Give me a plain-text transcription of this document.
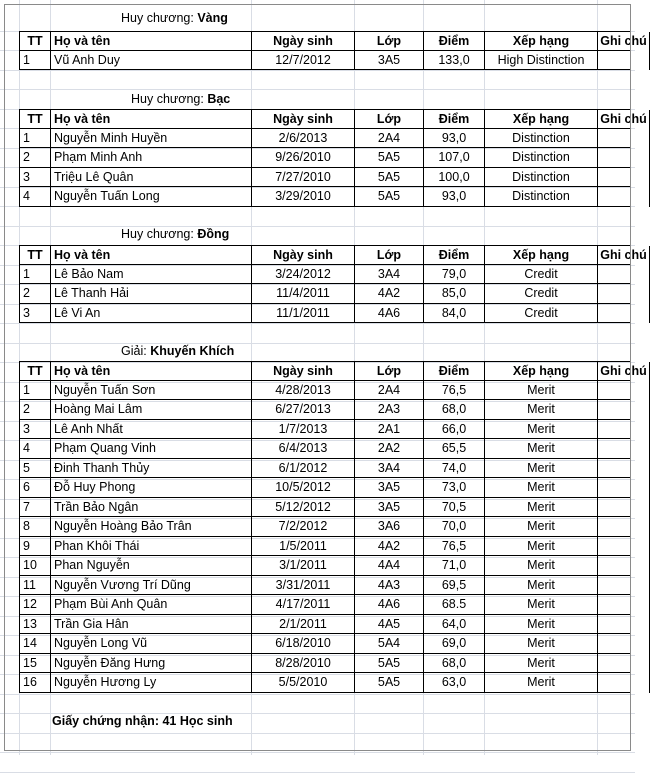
Huy chương: Vàng
TT Họ và tên	Ngày sinh	Lớp	Điểm	Xếp hạng	Ghi chú
1	Vũ Anh Duy	12/7/2012	3A5	133,0	High Distinction
Huy chương: Bạc
TT Họ và tên	Ngày sinh	Lớp	Điểm	Xếp hạng	Ghi chú
1	Nguyễn Minh Huyền	2/6/2013	2A4	93,0	Distinction
2	Phạm Minh Anh	9/26/2010	5A5	107,0	Distinction
3	Triệu Lê Quân	7/27/2010	5A5	100,0	Distinction
4	Nguyễn Tuấn Long	3/29/2010	5A5	93,0	Distinction
Huy chương: Đồng
TT Họ và tên	Ngày sinh	Lớp	Điểm	Xếp hạng	Ghi chú
1	Lê Bảo Nam	3/24/2012	3A4	79,0	Credit
2	Lê Thanh Hải	11/4/2011	4A2	85,0	Credit
3	Lê Vi An	11/1/2011	4A6	84,0	Credit
Giải: Khuyến Khích
TT Họ và tên	Ngày sinh	Lớp	Điểm	Xếp hạng	Ghi chú
1	Nguyễn Tuấn Sơn	4/28/2013	2A4	76,5	Merit
2	Hoàng Mai Lâm	6/27/2013	2A3	68,0	Merit
3	Lê Anh Nhất	1/7/2013	2A1	66,0	Merit
4	Phạm Quang Vinh	6/4/2013	2A2	65,5	Merit
5	Đinh Thanh Thủy	6/1/2012	3A4	74,0	Merit
6	Đỗ Huy Phong	10/5/2012	3A5	73,0	Merit
7	Trần Bảo Ngân	5/12/2012	3A5	70,5	Merit
8	Nguyễn Hoàng Bảo Trân	7/2/2012	3A6	70,0	Merit
9	Phan Khôi Thái	1/5/2011	4A2	76,5	Merit
10	Phan Nguyễn	3/1/2011	4A4	71,0	Merit
11	Nguyễn Vương Trí Dũng	3/31/2011	4A3	69,5	Merit
12	Phạm Bùi Anh Quân	4/17/2011	4A6	68.5	Merit
13	Trần Gia Hân	2/1/2011	4A5	64,0	Merit
14	Nguyễn Long Vũ	6/18/2010	5A4	69,0	Merit
15	Nguyễn Đăng Hưng	8/28/2010	5A5	68,0	Merit
16	Nguyễn Hương Ly	5/5/2010	5A5	63,0	Merit
Giấy chứng nhận: 41 Học sinh
